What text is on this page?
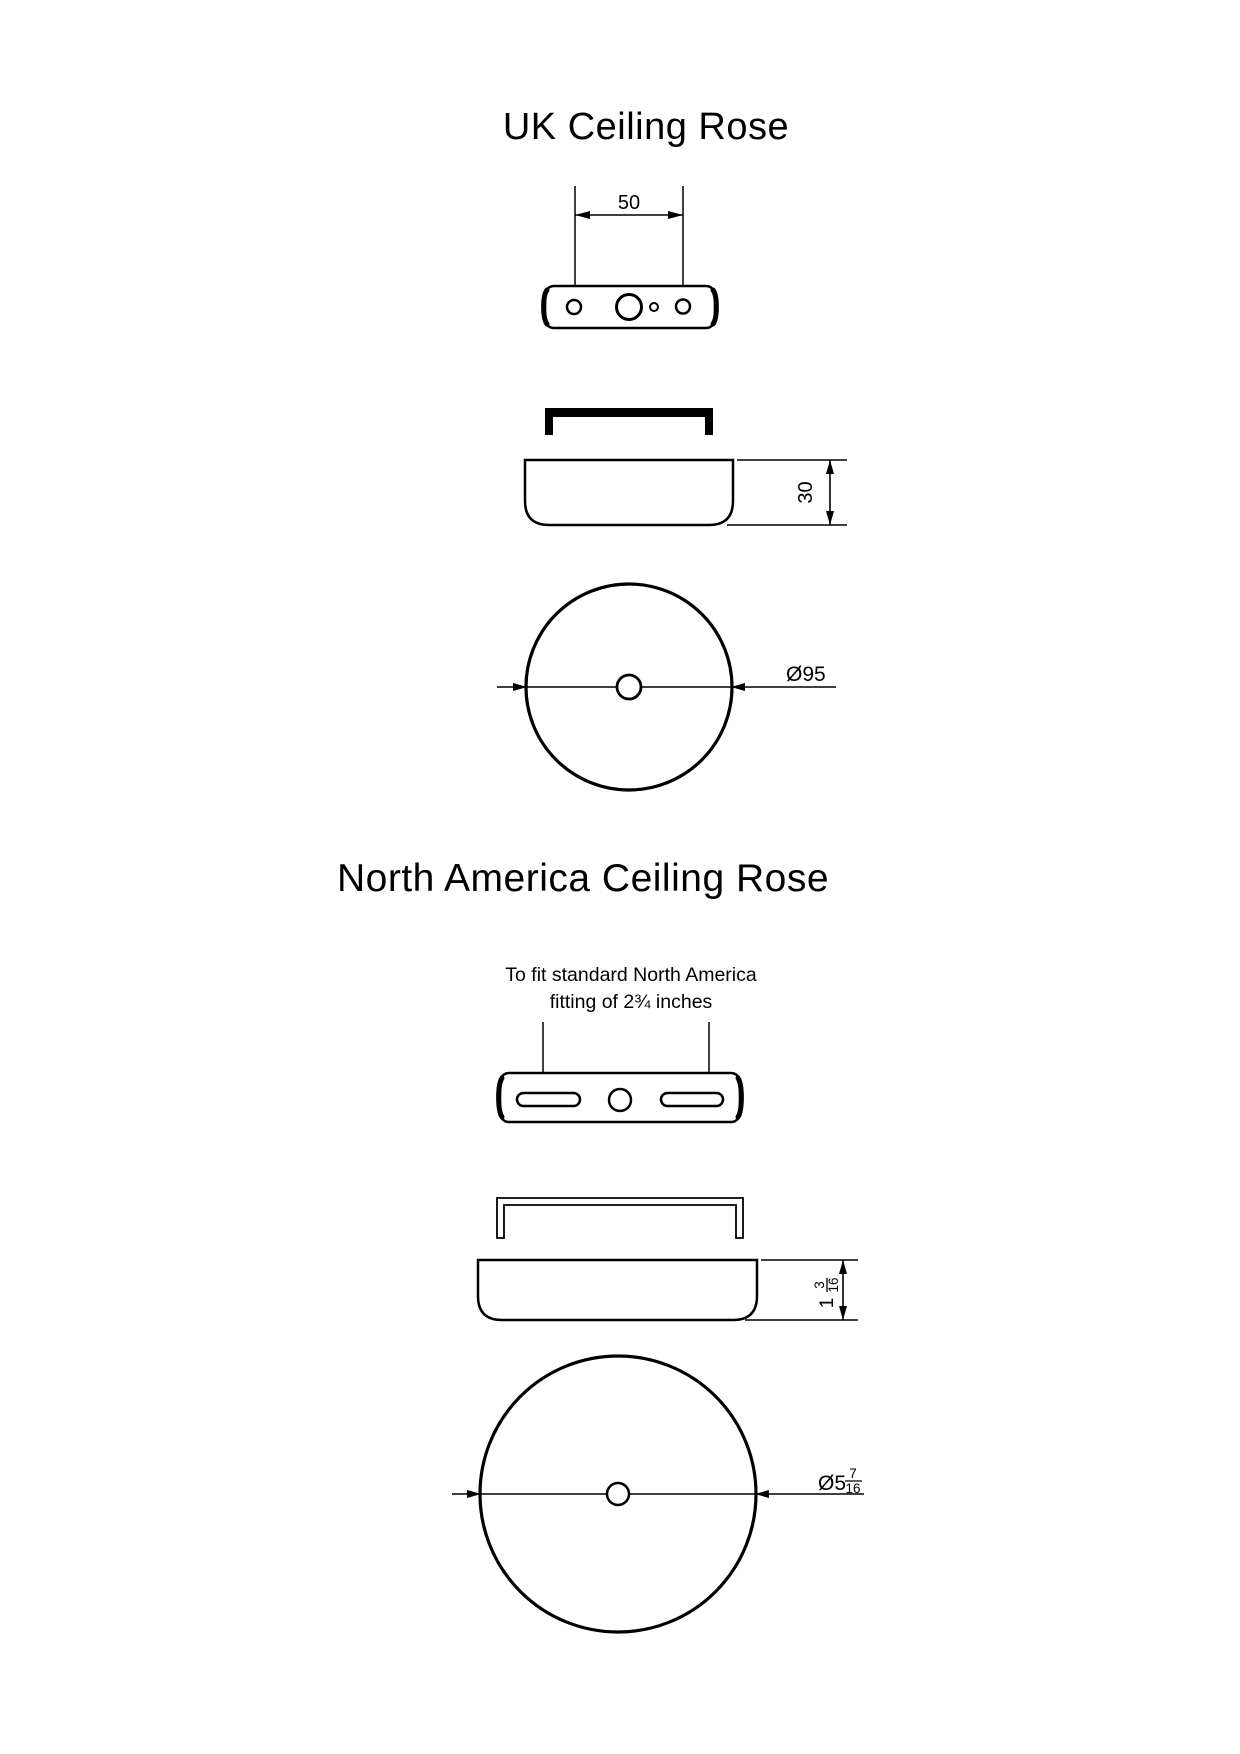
UK Ceiling Rose
50
30
Ø95
North America Ceiling Rose
To fit standard North America
fitting of 2¾ inches
1
3 16
Ø5 7
16
